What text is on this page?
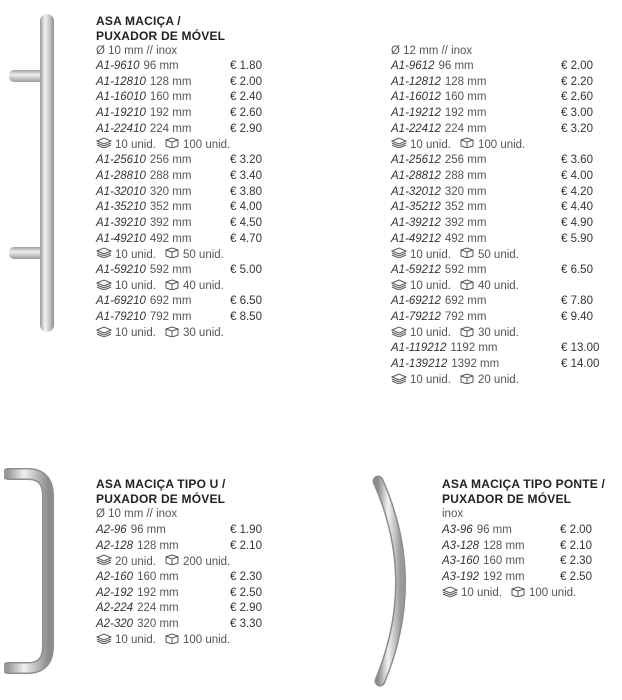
ASA MACIÇA /
PUXADOR DE MÓVEL
Ø 10 mm // inox
A1-9610 96 mm	€ 1.80
A1-12810 128 mm	€ 2.00
A1-16010 160 mm	€ 2.40
A1-19210 192 mm	€ 2.60
A1-22410 224 mm	€ 2.90
10 unid. 100 unid.
A1-25610 256 mm	€ 3.20
A1-28810 288 mm	€ 3.40
A1-32010 320 mm	€ 3.80
A1-35210 352 mm	€ 4.00
A1-39210 392 mm	€ 4.50
A1-49210 492 mm	€ 4.70
10 unid. 50 unid.
A1-59210 592 mm	€ 5.00
10 unid. 40 unid.
A1-69210 692 mm	€ 6.50
A1-79210 792 mm	€ 8.50
10 unid. 30 unid.
Ø 12 mm // inox
A1-9612 96 mm	€ 2.00
A1-12812 128 mm	€ 2.20
A1-16012 160 mm	€ 2.60
A1-19212 192 mm	€ 3.00
A1-22412 224 mm	€ 3.20
10 unid. 100 unid.
A1-25612 256 mm	€ 3.60
A1-28812 288 mm	€ 4.00
A1-32012 320 mm	€ 4.20
A1-35212 352 mm	€ 4.40
A1-39212 392 mm	€ 4.90
A1-49212 492 mm	€ 5.90
10 unid. 50 unid.
A1-59212 592 mm	€ 6.50
10 unid. 40 unid.
A1-69212 692 mm	€ 7.80
A1-79212 792 mm	€ 9.40
10 unid. 30 unid.
A1-119212 1192 mm	€ 13.00
A1-139212 1392 mm	€ 14.00
10 unid. 20 unid.
ASA MACIÇA TIPO U /
PUXADOR DE MÓVEL
Ø 10 mm // inox
A2-96 96 mm	€ 1.90
A2-128 128 mm	€ 2.10
20 unid. 200 unid.
A2-160 160 mm	€ 2.30
A2-192 192 mm	€ 2.50
A2-224 224 mm	€ 2.90
A2-320 320 mm	€ 3.30
10 unid. 100 unid.
ASA MACIÇA TIPO PONTE /
PUXADOR DE MÓVEL
inox
A3-96 96 mm	€ 2.00
A3-128 128 mm	€ 2.10
A3-160 160 mm	€ 2.30
A3-192 192 mm	€ 2.50
10 unid. 100 unid.
